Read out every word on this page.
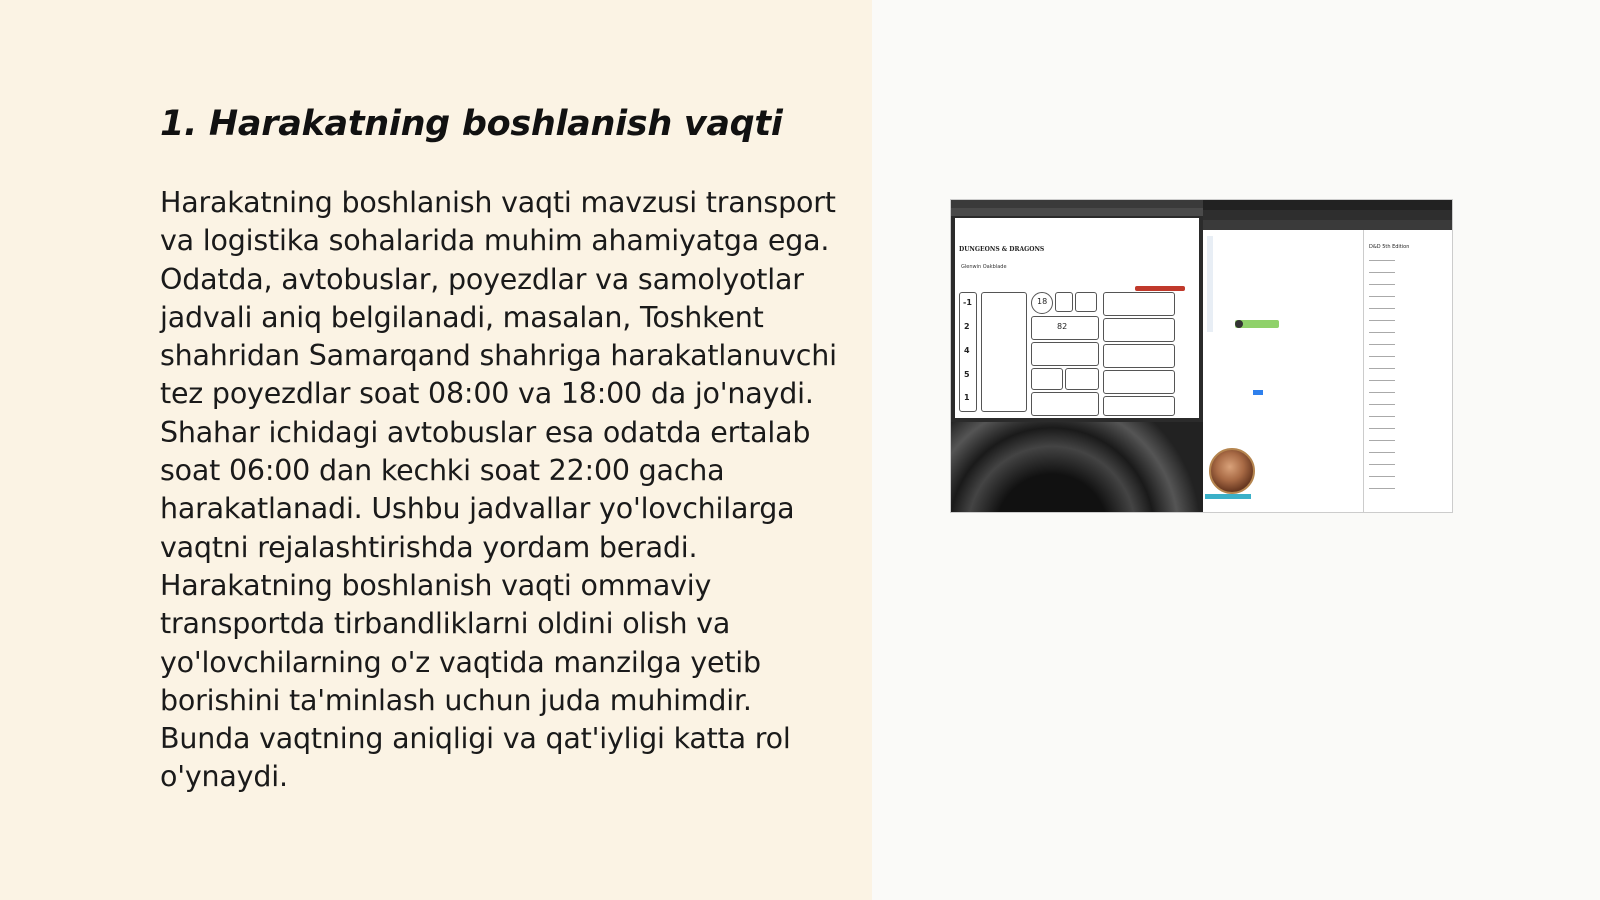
1. Harakatning boshlanish vaqti

Harakatning boshlanish vaqti mavzusi transport va logistika sohalarida muhim ahamiyatga ega. Odatda, avtobuslar, poyezdlar va samolyotlar jadvali aniq belgilanadi, masalan, Toshkent shahridan Samarqand shahriga harakatlanuvchi tez poyezdlar soat 08:00 va 18:00 da jo'naydi. Shahar ichidagi avtobuslar esa odatda ertalab soat 06:00 dan kechki soat 22:00 gacha harakatlanadi. Ushbu jadvallar yo'lovchilarga vaqtni rejalashtirishda yordam beradi. Harakatning boshlanish vaqti ommaviy transportda tirbandliklarni oldini olish va yo'lovchilarning o'z vaqtida manzilga yetib borishini ta'minlash uchun juda muhimdir. Bunda vaqtning aniqligi va qat'iyligi katta rol o'ynaydi.

DUNGEONS & DRAGONS
Glenwin Oakblade
-1
2
4
5
1
18
82
D&D 5th Edition
